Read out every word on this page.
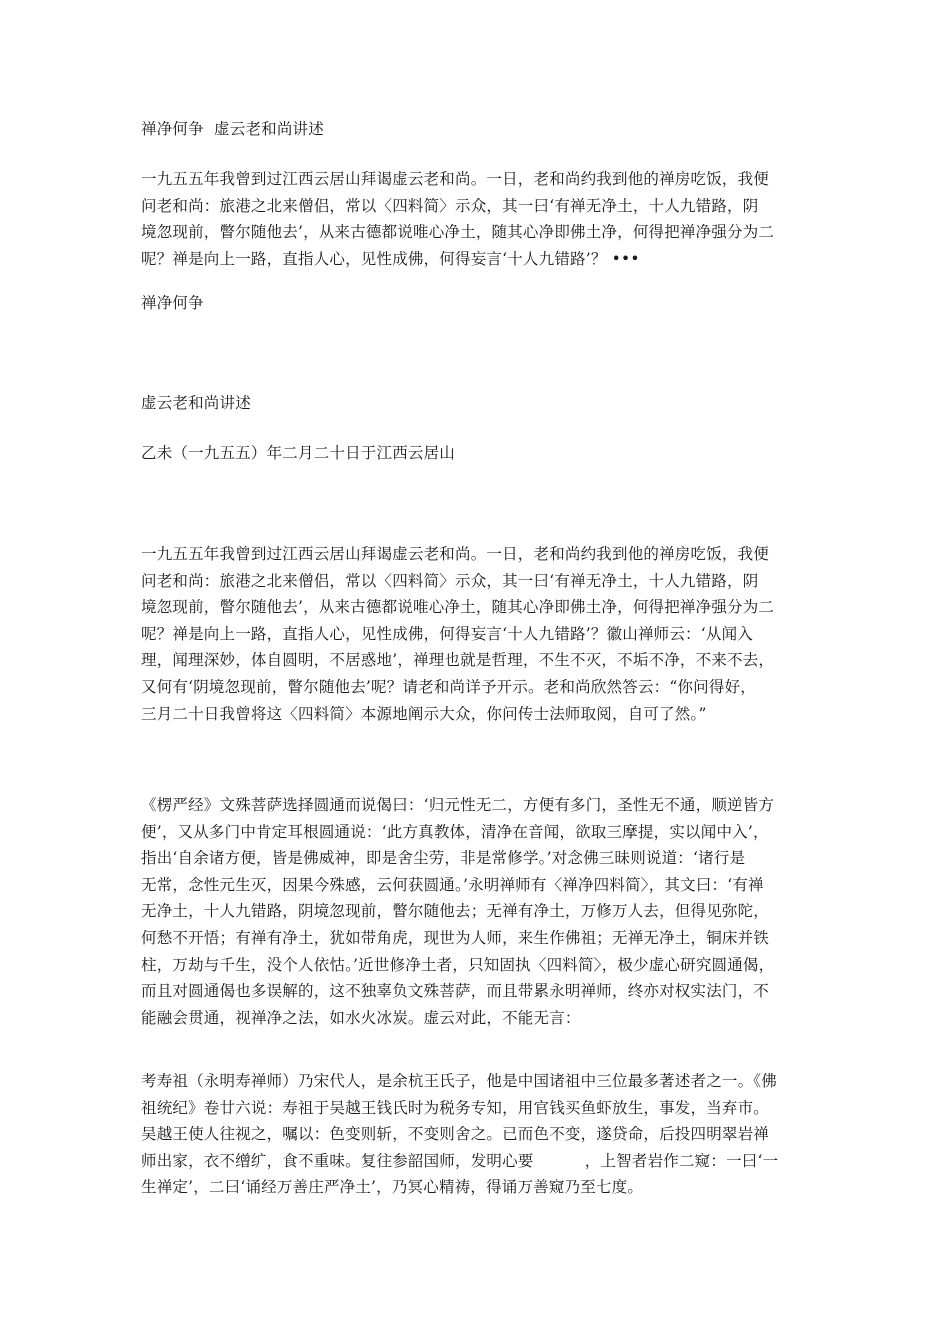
禅净何争  虚云老和尚讲述
一九五五年我曾到过江西云居山拜谒虚云老和尚。一日，老和尚约我到他的禅房吃饭，我便
问老和尚：旅港之北来僧侣，常以〈四料简〉示众，其一曰‘有禅无净土，十人九错路，阴
境忽现前，瞥尔随他去’，从来古德都说唯心净土，随其心净即佛土净，何得把禅净强分为二
呢？禅是向上一路，直指人心，见性成佛，何得妄言‘十人九错路’？ •••
禅净何争
虚云老和尚讲述
乙未（一九五五）年二月二十日于江西云居山
一九五五年我曾到过江西云居山拜谒虚云老和尚。一日，老和尚约我到他的禅房吃饭，我便
问老和尚：旅港之北来僧侣，常以〈四料简〉示众，其一曰‘有禅无净土，十人九错路，阴
境忽现前，瞥尔随他去’，从来古德都说唯心净土，随其心净即佛土净，何得把禅净强分为二
呢？禅是向上一路，直指人心，见性成佛，何得妄言‘十人九错路’？徽山禅师云：‘从闻入
理，闻理深妙，体自圆明，不居惑地’，禅理也就是哲理，不生不灭，不垢不净，不来不去，
又何有‘阴境忽现前，瞥尔随他去’呢？请老和尚详予开示。老和尚欣然答云：“你问得好，
三月二十日我曾将这〈四料简〉本源地阐示大众，你问传士法师取阅，自可了然。”
《楞严经》文殊菩萨选择圆通而说偈曰：‘归元性无二，方便有多门，圣性无不通，顺逆皆方
便’，又从多门中肯定耳根圆通说：‘此方真教体，清净在音闻，欲取三摩提，实以闻中入’，
指出‘自余诸方便，皆是佛威神，即是舍尘劳，非是常修学。’对念佛三昧则说道：‘诸行是
无常，念性元生灭，因果今殊感，云何获圆通。’永明禅师有〈禅净四料简〉，其文曰：‘有禅
无净土，十人九错路，阴境忽现前，瞥尔随他去；无禅有净土，万修万人去，但得见弥陀，
何愁不开悟；有禅有净土，犹如带角虎，现世为人师，来生作佛祖；无禅无净土，铜床并铁
柱，万劫与千生，没个人依怙。’近世修净土者，只知固执〈四料简〉，极少虚心研究圆通偈，
而且对圆通偈也多误解的，这不独辜负文殊菩萨，而且带累永明禅师，终亦对权实法门，不
能融会贯通，视禅净之法，如水火冰炭。虚云对此，不能无言：
考寿祖（永明寿禅师）乃宋代人，是余杭王氏子，他是中国诸祖中三位最多著述者之一。《佛
祖统纪》卷廿六说：寿祖于吴越王钱氏时为税务专知，用官钱买鱼虾放生，事发，当弃市。
吴越王使人往视之，嘱以：色变则斩，不变则舍之。已而色不变，遂贷命，后投四明翠岩禅
师出家，衣不缯纩，食不重味。复往参韶国师，发明心要          ，上智者岩作二窥：一曰‘一
生禅定’，二曰‘诵经万善庄严净土’，乃冥心精祷，得诵万善窥乃至七度。
